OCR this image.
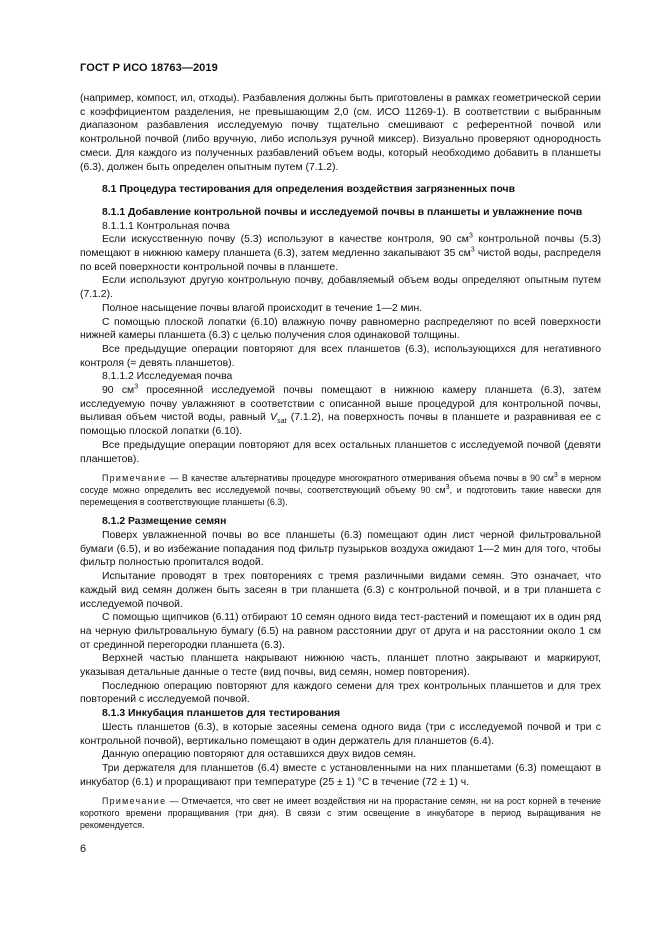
ГОСТ Р ИСО 18763—2019

(например, компост, ил, отходы). Разбавления должны быть приготовлены в рамках геометрической серии с коэффициентом разделения, не превышающим 2,0 (см. ИСО 11269-1). В соответствии с выбранным диапазоном разбавления исследуемую почву тщательно смешивают с референтной почвой или контрольной почвой (либо вручную, либо используя ручной миксер). Визуально проверяют однородность смеси. Для каждого из полученных разбавлений объем воды, который необходимо добавить в планшеты (6.3), должен быть определен опытным путем (7.1.2).

8.1 Процедура тестирования для определения воздействия загрязненных почв

8.1.1 Добавление контрольной почвы и исследуемой почвы в планшеты и увлажнение почв

8.1.1.1 Контрольная почва

Если искусственную почву (5.3) используют в качестве контроля, 90 $см^3$ контрольной почвы (5.3) помещают в нижнюю камеру планшета (6.3), затем медленно закапывают 35 $см^3$ чистой воды, распределя по всей поверхности контрольной почвы в планшете.

Если используют другую контрольную почву, добавляемый объем воды определяют опытным путем (7.1.2).

Полное насыщение почвы влагой происходит в течение 1—2 мин.

С помощью плоской лопатки (6.10) влажную почву равномерно распределяют по всей поверхности нижней камеры планшета (6.3) с целью получения слоя одинаковой толщины.

Все предыдущие операции повторяют для всех планшетов (6.3), использующихся для негативного контроля (= девять планшетов).

8.1.1.2 Исследуемая почва

90 $см^3$ просеянной исследуемой почвы помещают в нижнюю камеру планшета (6.3), затем исследуемую почву увлажняют в соответствии с описанной выше процедурой для контрольной почвы, выливая объем чистой воды, равный $V_{sat}$ (7.1.2), на поверхность почвы в планшете и разравнивая ее с помощью плоской лопатки (6.10).

Все предыдущие операции повторяют для всех остальных планшетов с исследуемой почвой (девяти планшетов).

Примечание — В качестве альтернативы процедуре многократного отмеривания объема почвы в 90 $см^3$ в мерном сосуде можно определить вес исследуемой почвы, соответствующий объему 90 $см^3$, и подготовить такие навески для перемещения в соответствующие планшеты (6.3).

8.1.2 Размещение семян

Поверх увлажненной почвы во все планшеты (6.3) помещают один лист черной фильтровальной бумаги (6.5), и во избежание попадания под фильтр пузырьков воздуха ожидают 1—2 мин для того, чтобы фильтр полностью пропитался водой.

Испытание проводят в трех повторениях с тремя различными видами семян. Это означает, что каждый вид семян должен быть засеян в три планшета (6.3) с контрольной почвой, и в три планшета с исследуемой почвой.

С помощью щипчиков (6.11) отбирают 10 семян одного вида тест-растений и помещают их в один ряд на черную фильтровальную бумагу (6.5) на равном расстоянии друг от друга и на расстоянии около 1 см от срединной перегородки планшета (6.3).

Верхней частью планшета накрывают нижнюю часть, планшет плотно закрывают и маркируют, указывая детальные данные о тесте (вид почвы, вид семян, номер повторения).

Последнюю операцию повторяют для каждого семени для трех контрольных планшетов и для трех повторений с исследуемой почвой.

8.1.3 Инкубация планшетов для тестирования

Шесть планшетов (6.3), в которые засеяны семена одного вида (три с исследуемой почвой и три с контрольной почвой), вертикально помещают в один держатель для планшетов (6.4).

Данную операцию повторяют для оставшихся двух видов семян.

Три держателя для планшетов (6.4) вместе с установленными на них планшетами (6.3) помещают в инкубатор (6.1) и проращивают при температуре (25 ± 1) °С в течение (72 ± 1) ч.

Примечание — Отмечается, что свет не имеет воздействия ни на прорастание семян, ни на рост корней в течение короткого времени проращивания (три дня). В связи с этим освещение в инкубаторе в период выращивания не рекомендуется.

6
